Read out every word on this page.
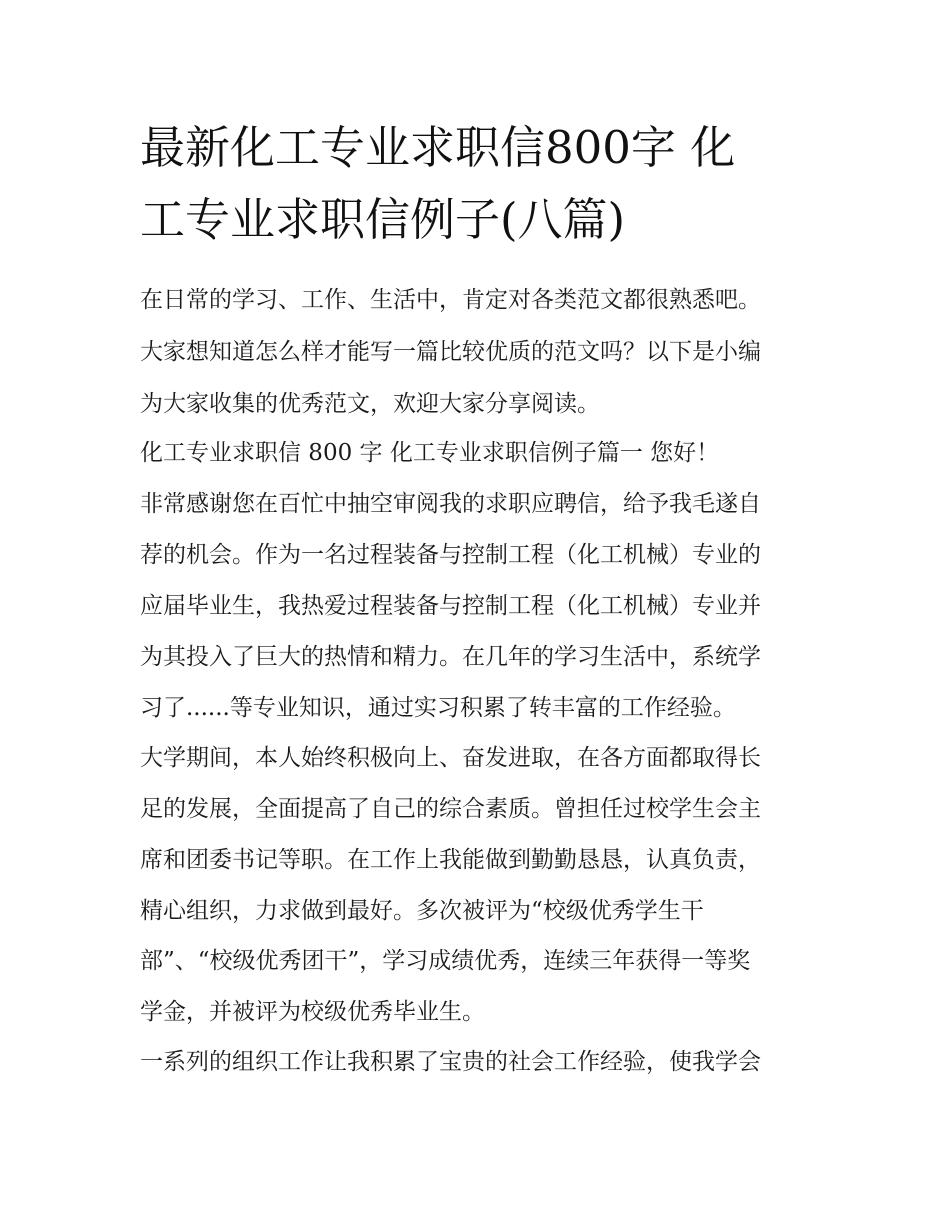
最新化工专业求职信800字 化
工专业求职信例子(八篇)

在日常的学习、工作、生活中，肯定对各类范文都很熟悉吧。

大家想知道怎么样才能写一篇比较优质的范文吗？以下是小编

为大家收集的优秀范文，欢迎大家分享阅读。

化工专业求职信 800 字 化工专业求职信例子篇一 您好！

非常感谢您在百忙中抽空审阅我的求职应聘信，给予我毛遂自

荐的机会。作为一名过程装备与控制工程（化工机械）专业的

应届毕业生，我热爱过程装备与控制工程（化工机械）专业并

为其投入了巨大的热情和精力。在几年的学习生活中，系统学

习了......等专业知识，通过实习积累了转丰富的工作经验。

大学期间，本人始终积极向上、奋发进取，在各方面都取得长

足的发展，全面提高了自己的综合素质。曾担任过校学生会主

席和团委书记等职。在工作上我能做到勤勤恳恳，认真负责，

精心组织，力求做到最好。多次被评为“校级优秀学生干

部”、“校级优秀团干”，学习成绩优秀，连续三年获得一等奖

学金，并被评为校级优秀毕业生。

一系列的组织工作让我积累了宝贵的社会工作经验，使我学会
